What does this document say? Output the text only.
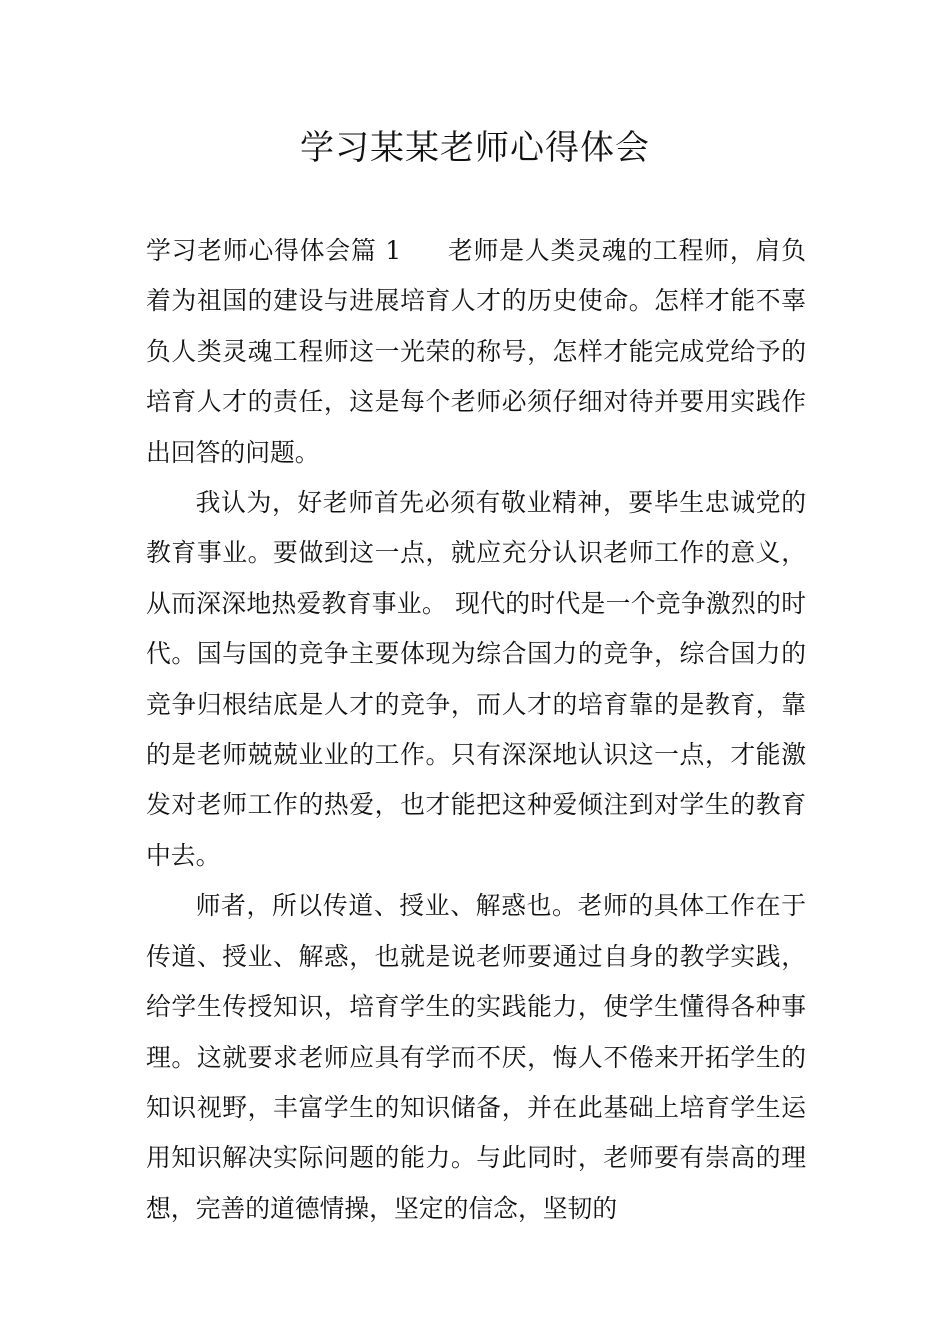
学习某某老师心得体会

学习老师心得体会篇 1 老师是人类灵魂的工程师，肩负着为祖国的建设与进展培育人才的历史使命。怎样才能不辜负人类灵魂工程师这一光荣的称号，怎样才能完成党给予的培育人才的责任，这是每个老师必须仔细对待并要用实践作出回答的问题。

我认为，好老师首先必须有敬业精神，要毕生忠诚党的教育事业。要做到这一点，就应充分认识老师工作的意义，从而深深地热爱教育事业。 现代的时代是一个竞争激烈的时代。国与国的竞争主要体现为综合国力的竞争，综合国力的竞争归根结底是人才的竞争，而人才的培育靠的是教育，靠的是老师兢兢业业的工作。只有深深地认识这一点，才能激发对老师工作的热爱，也才能把这种爱倾注到对学生的教育中去。

师者，所以传道、授业、解惑也。老师的具体工作在于传道、授业、解惑，也就是说老师要通过自身的教学实践，给学生传授知识，培育学生的实践能力，使学生懂得各种事理。这就要求老师应具有学而不厌，悔人不倦来开拓学生的知识视野，丰富学生的知识储备，并在此基础上培育学生运用知识解决实际问题的能力。与此同时，老师要有崇高的理想，完善的道德情操，坚定的信念，坚韧的
